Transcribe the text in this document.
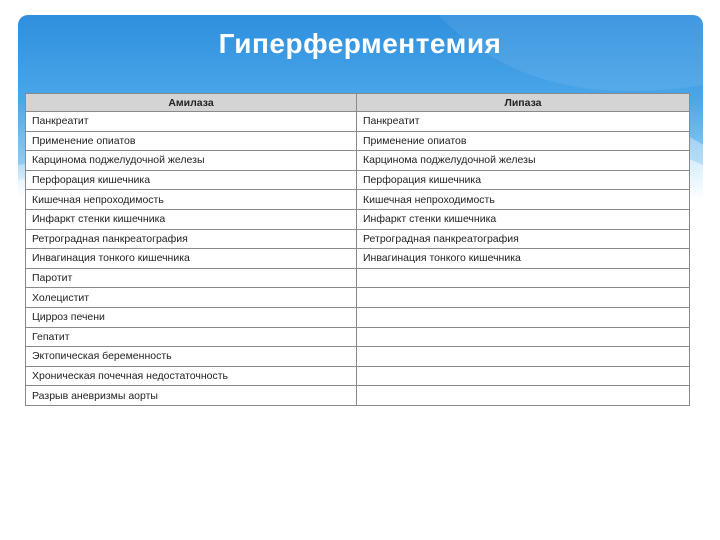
Гиперферментемия
Амилаза	Липаза
Панкреатит	Панкреатит
Применение опиатов	Применение опиатов
Карцинома поджелудочной железы	Карцинома поджелудочной железы
Перфорация кишечника	Перфорация кишечника
Кишечная непроходимость	Кишечная непроходимость
Инфаркт стенки кишечника	Инфаркт стенки кишечника
Ретроградная панкреатография	Ретроградная панкреатография
Инвагинация тонкого кишечника	Инвагинация тонкого кишечника
Паротит	
Холецистит	
Цирроз печени	
Гепатит	
Эктопическая беременность	
Хроническая почечная недостаточность	
Разрыв аневризмы аорты	
